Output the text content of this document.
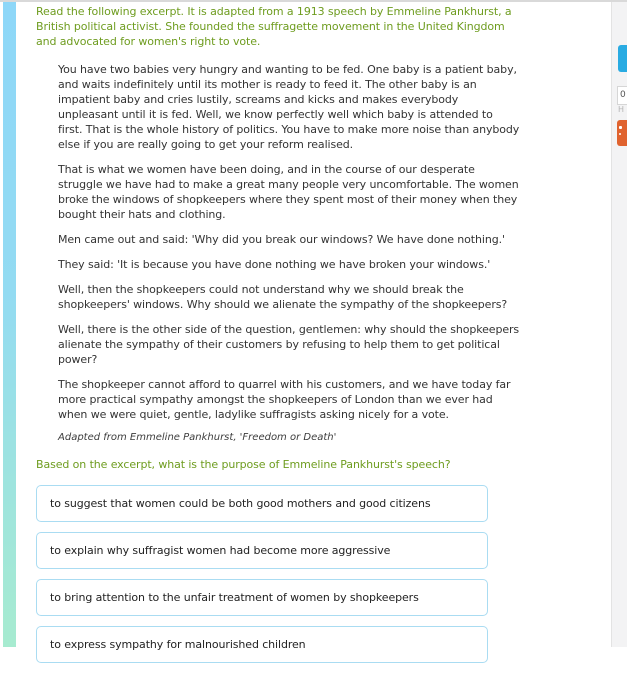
Read the following excerpt. It is adapted from a 1913 speech by Emmeline Pankhurst, a British political activist. She founded the suffragette movement in the United Kingdom and advocated for women's right to vote.

You have two babies very hungry and wanting to be fed. One baby is a patient baby, and waits indefinitely until its mother is ready to feed it. The other baby is an impatient baby and cries lustily, screams and kicks and makes everybody unpleasant until it is fed. Well, we know perfectly well which baby is attended to first. That is the whole history of politics. You have to make more noise than anybody else if you are really going to get your reform realised.

That is what we women have been doing, and in the course of our desperate struggle we have had to make a great many people very uncomfortable. The women broke the windows of shopkeepers where they spent most of their money when they bought their hats and clothing.

Men came out and said: 'Why did you break our windows? We have done nothing.'

They said: 'It is because you have done nothing we have broken your windows.'

Well, then the shopkeepers could not understand why we should break the shopkeepers' windows. Why should we alienate the sympathy of the shopkeepers?

Well, there is the other side of the question, gentlemen: why should the shopkeepers alienate the sympathy of their customers by refusing to help them to get political power?

The shopkeeper cannot afford to quarrel with his customers, and we have today far more practical sympathy amongst the shopkeepers of London than we ever had when we were quiet, gentle, ladylike suffragists asking nicely for a vote.

Adapted from Emmeline Pankhurst, 'Freedom or Death'
Based on the excerpt, what is the purpose of Emmeline Pankhurst's speech?
to suggest that women could be both good mothers and good citizens
to explain why suffragist women had become more aggressive
to bring attention to the unfair treatment of women by shopkeepers
to express sympathy for malnourished children
0
H
